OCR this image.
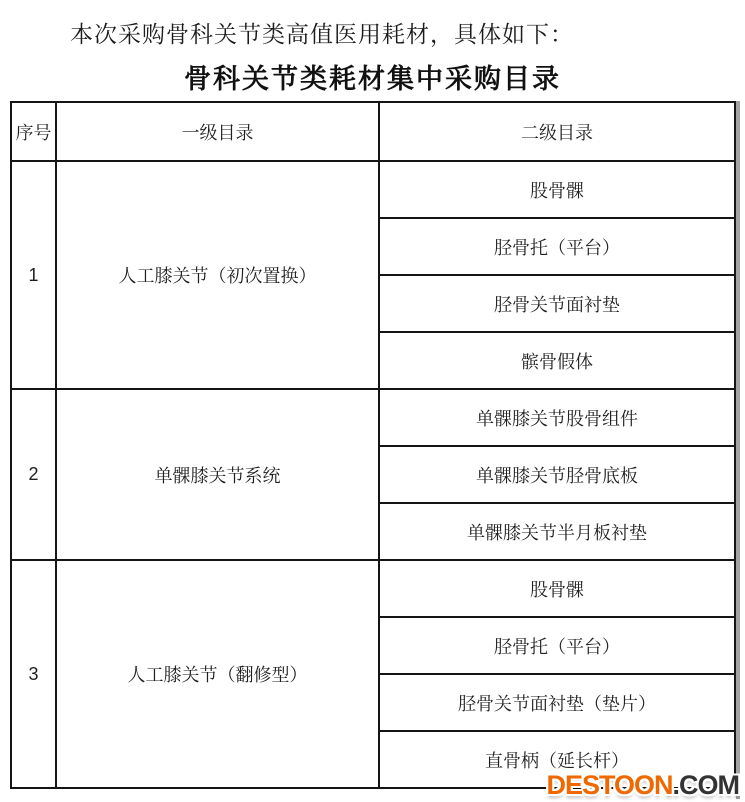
本次采购骨科关节类高值医用耗材，具体如下：
骨科关节类耗材集中采购目录
序号	一级目录	二级目录
1	人工膝关节（初次置换）	股骨髁
		胫骨托（平台）
		胫骨关节面衬垫
		髌骨假体
2	单髁膝关节系统	单髁膝关节股骨组件
		单髁膝关节胫骨底板
		单髁膝关节半月板衬垫
3	人工膝关节（翻修型）	股骨髁
		胫骨托（平台）
		胫骨关节面衬垫（垫片）
		直骨柄（延长杆）
DESTOON.COM
